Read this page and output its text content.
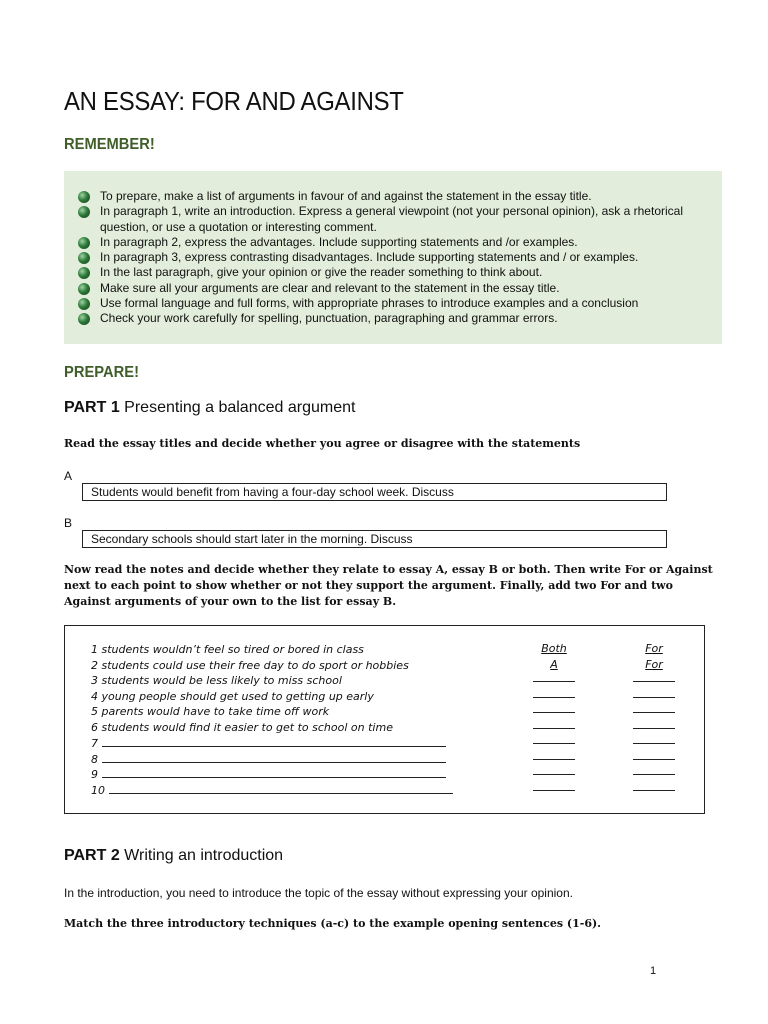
AN ESSAY: FOR AND AGAINST
REMEMBER!
To prepare, make a list of arguments in favour of and against the statement in the essay title.
In paragraph 1, write an introduction. Express a general viewpoint (not your personal opinion), ask a rhetorical question, or use a quotation or interesting comment.
In paragraph 2, express the advantages. Include supporting statements and /or examples.
In paragraph 3, express contrasting disadvantages. Include supporting statements and / or examples.
In the last paragraph, give your opinion or give the reader something to think about.
Make sure all your arguments are clear and relevant to the statement in the essay title.
Use formal language and full forms, with appropriate phrases to introduce examples and a conclusion
Check your work carefully for spelling, punctuation, paragraphing and grammar errors.
PREPARE!
PART 1 Presenting a balanced argument

Read the essay titles and decide whether you agree or disagree with the statements

A
Students would benefit from having a four-day school week. Discuss
B
Secondary schools should start later in the morning. Discuss

Now read the notes and decide whether they relate to essay A, essay B or both. Then write For or Against next to each point to show whether or not they support the argument. Finally, add two For and two Against arguments of your own to the list for essay B.

1 students wouldn’t feel so tired or bored in class	Both	For
2 students could use their free day to do sport or hobbies	A	For
3 students would be less likely to miss school
4 young people should get used to getting up early
5 parents would have to take time off work
6 students would find it easier to get to school on time
7
8
9
10
PART 2 Writing an introduction

In the introduction, you need to introduce the topic of the essay without expressing your opinion.

Match the three introductory techniques (a-c) to the example opening sentences (1-6).

1
